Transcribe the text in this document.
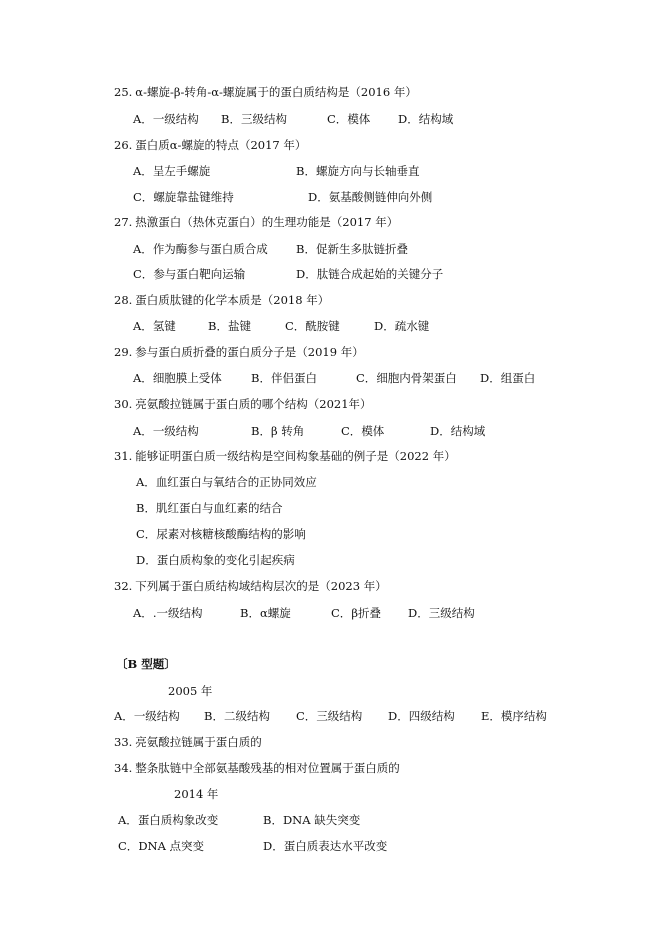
25. α-螺旋-β-转角-α-螺旋属于的蛋白质结构是（2016 年）
A．一级结构 B．三级结构	C．模体 D．结构域
26. 蛋白质α-螺旋的特点（2017 年）
A．呈左手螺旋	B．螺旋方向与长轴垂直
C．螺旋靠盐键维持	D．氨基酸侧链伸向外侧
27. 热激蛋白（热休克蛋白）的生理功能是（2017 年）
A．作为酶参与蛋白质合成 B．促新生多肽链折叠
C．参与蛋白靶向运输	D．肽链合成起始的关键分子
28. 蛋白质肽键的化学本质是（2018 年）
A．氢键	B．盐键	C．酰胺键	D．疏水键
29. 参与蛋白质折叠的蛋白质分子是（2019 年）
A．细胞膜上受体	B．伴侣蛋白	C．细胞内骨架蛋白 D．组蛋白
30. 亮氨酸拉链属于蛋白质的哪个结构（2021年）
A．一级结构	B．β 转角	C．模体	D．结构域
31. 能够证明蛋白质一级结构是空间构象基础的例子是（2022 年）
A．血红蛋白与氧结合的正协同效应
B．肌红蛋白与血红素的结合
C．尿素对核糖核酸酶结构的影响
D．蛋白质构象的变化引起疾病
32. 下列属于蛋白质结构域结构层次的是（2023 年）
A．.一级结构	B．α螺旋	C．β折叠 D．三级结构
〔B 型题〕
2005 年
A．一级结构 B．二级结构 C．三级结构 D．四级结构 E．模序结构
33. 亮氨酸拉链属于蛋白质的
34. 整条肽链中全部氨基酸残基的相对位置属于蛋白质的
2014 年
A．蛋白质构象改变	B．DNA 缺失突变
C．DNA 点突变	D．蛋白质表达水平改变
